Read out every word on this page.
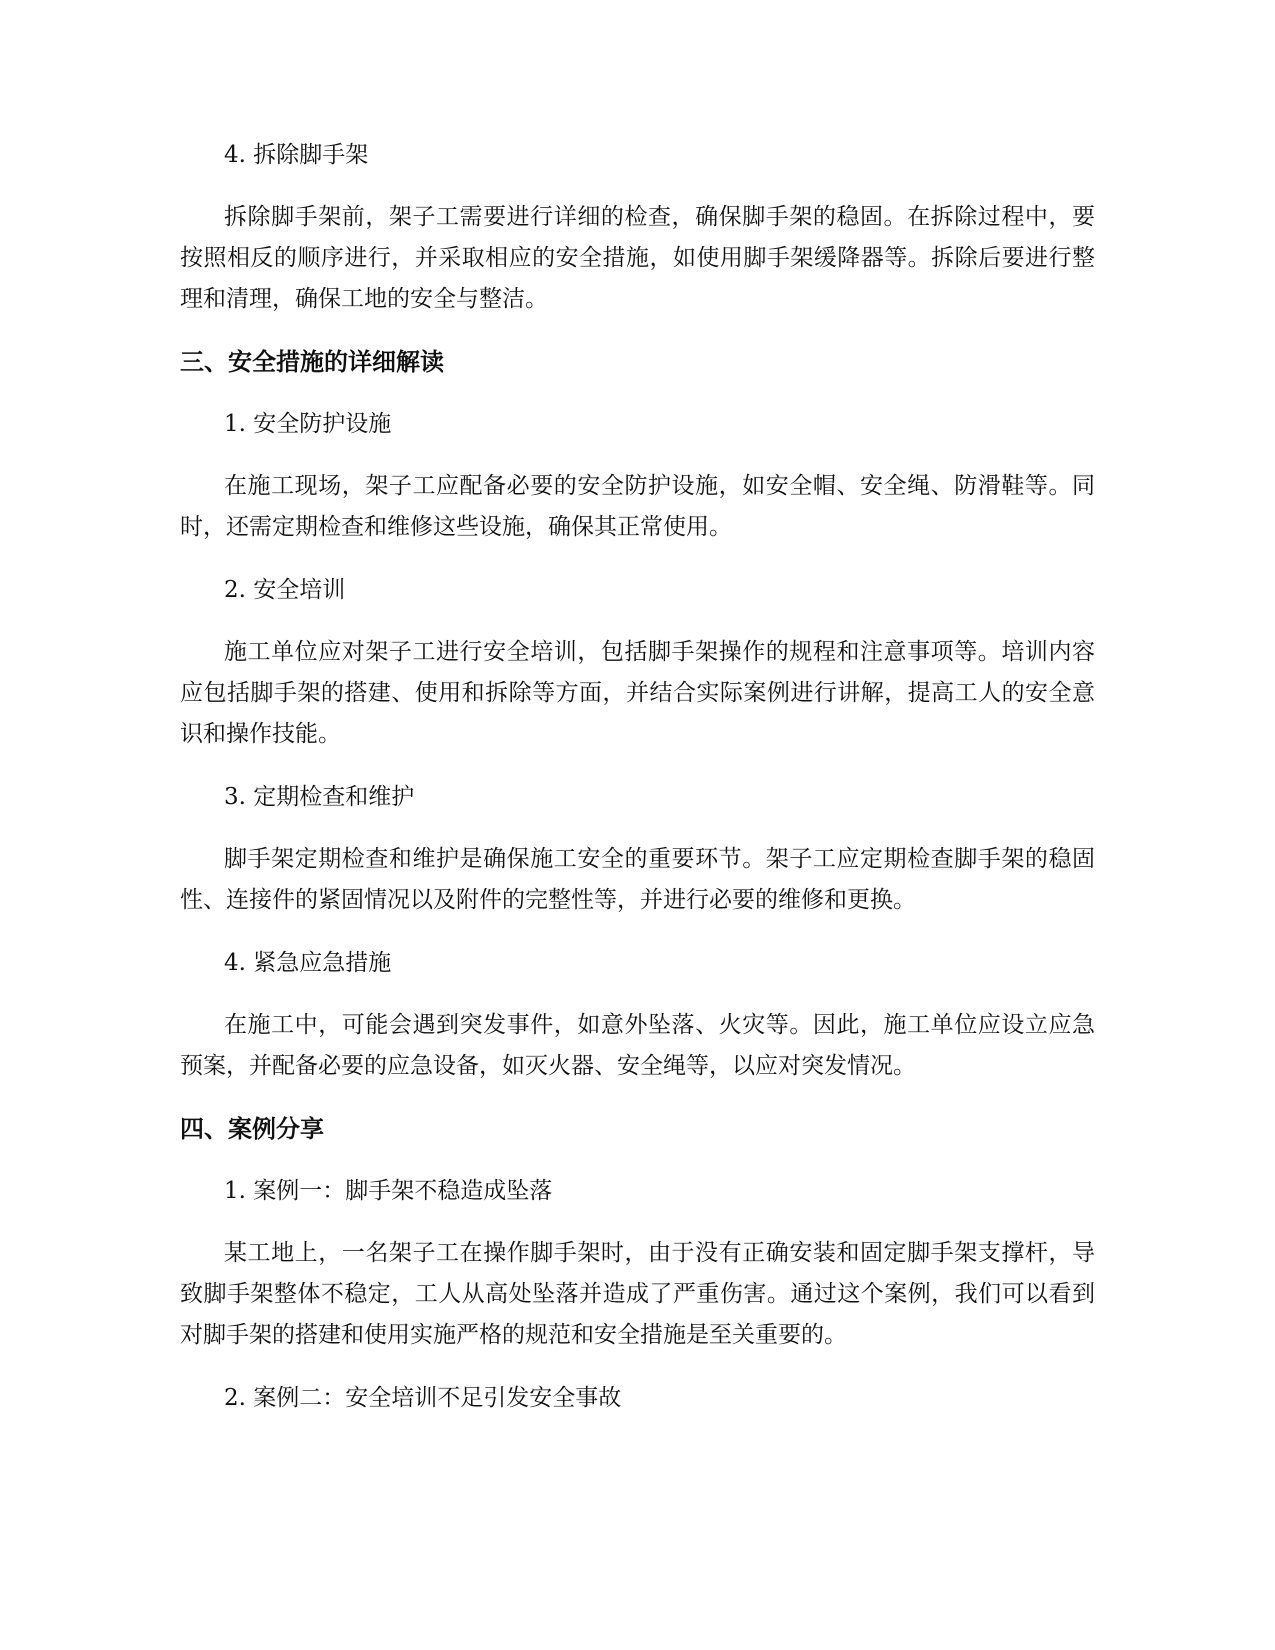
4. 拆除脚手架

拆除脚手架前，架子工需要进行详细的检查，确保脚手架的稳固。在拆除过程中，要按照相反的顺序进行，并采取相应的安全措施，如使用脚手架缓降器等。拆除后要进行整理和清理，确保工地的安全与整洁。

三、安全措施的详细解读

1. 安全防护设施

在施工现场，架子工应配备必要的安全防护设施，如安全帽、安全绳、防滑鞋等。同时，还需定期检查和维修这些设施，确保其正常使用。

2. 安全培训

施工单位应对架子工进行安全培训，包括脚手架操作的规程和注意事项等。培训内容应包括脚手架的搭建、使用和拆除等方面，并结合实际案例进行讲解，提高工人的安全意识和操作技能。

3. 定期检查和维护

脚手架定期检查和维护是确保施工安全的重要环节。架子工应定期检查脚手架的稳固性、连接件的紧固情况以及附件的完整性等，并进行必要的维修和更换。

4. 紧急应急措施

在施工中，可能会遇到突发事件，如意外坠落、火灾等。因此，施工单位应设立应急预案，并配备必要的应急设备，如灭火器、安全绳等，以应对突发情况。

四、案例分享

1. 案例一：脚手架不稳造成坠落

某工地上，一名架子工在操作脚手架时，由于没有正确安装和固定脚手架支撑杆，导致脚手架整体不稳定，工人从高处坠落并造成了严重伤害。通过这个案例，我们可以看到对脚手架的搭建和使用实施严格的规范和安全措施是至关重要的。

2. 案例二：安全培训不足引发安全事故
